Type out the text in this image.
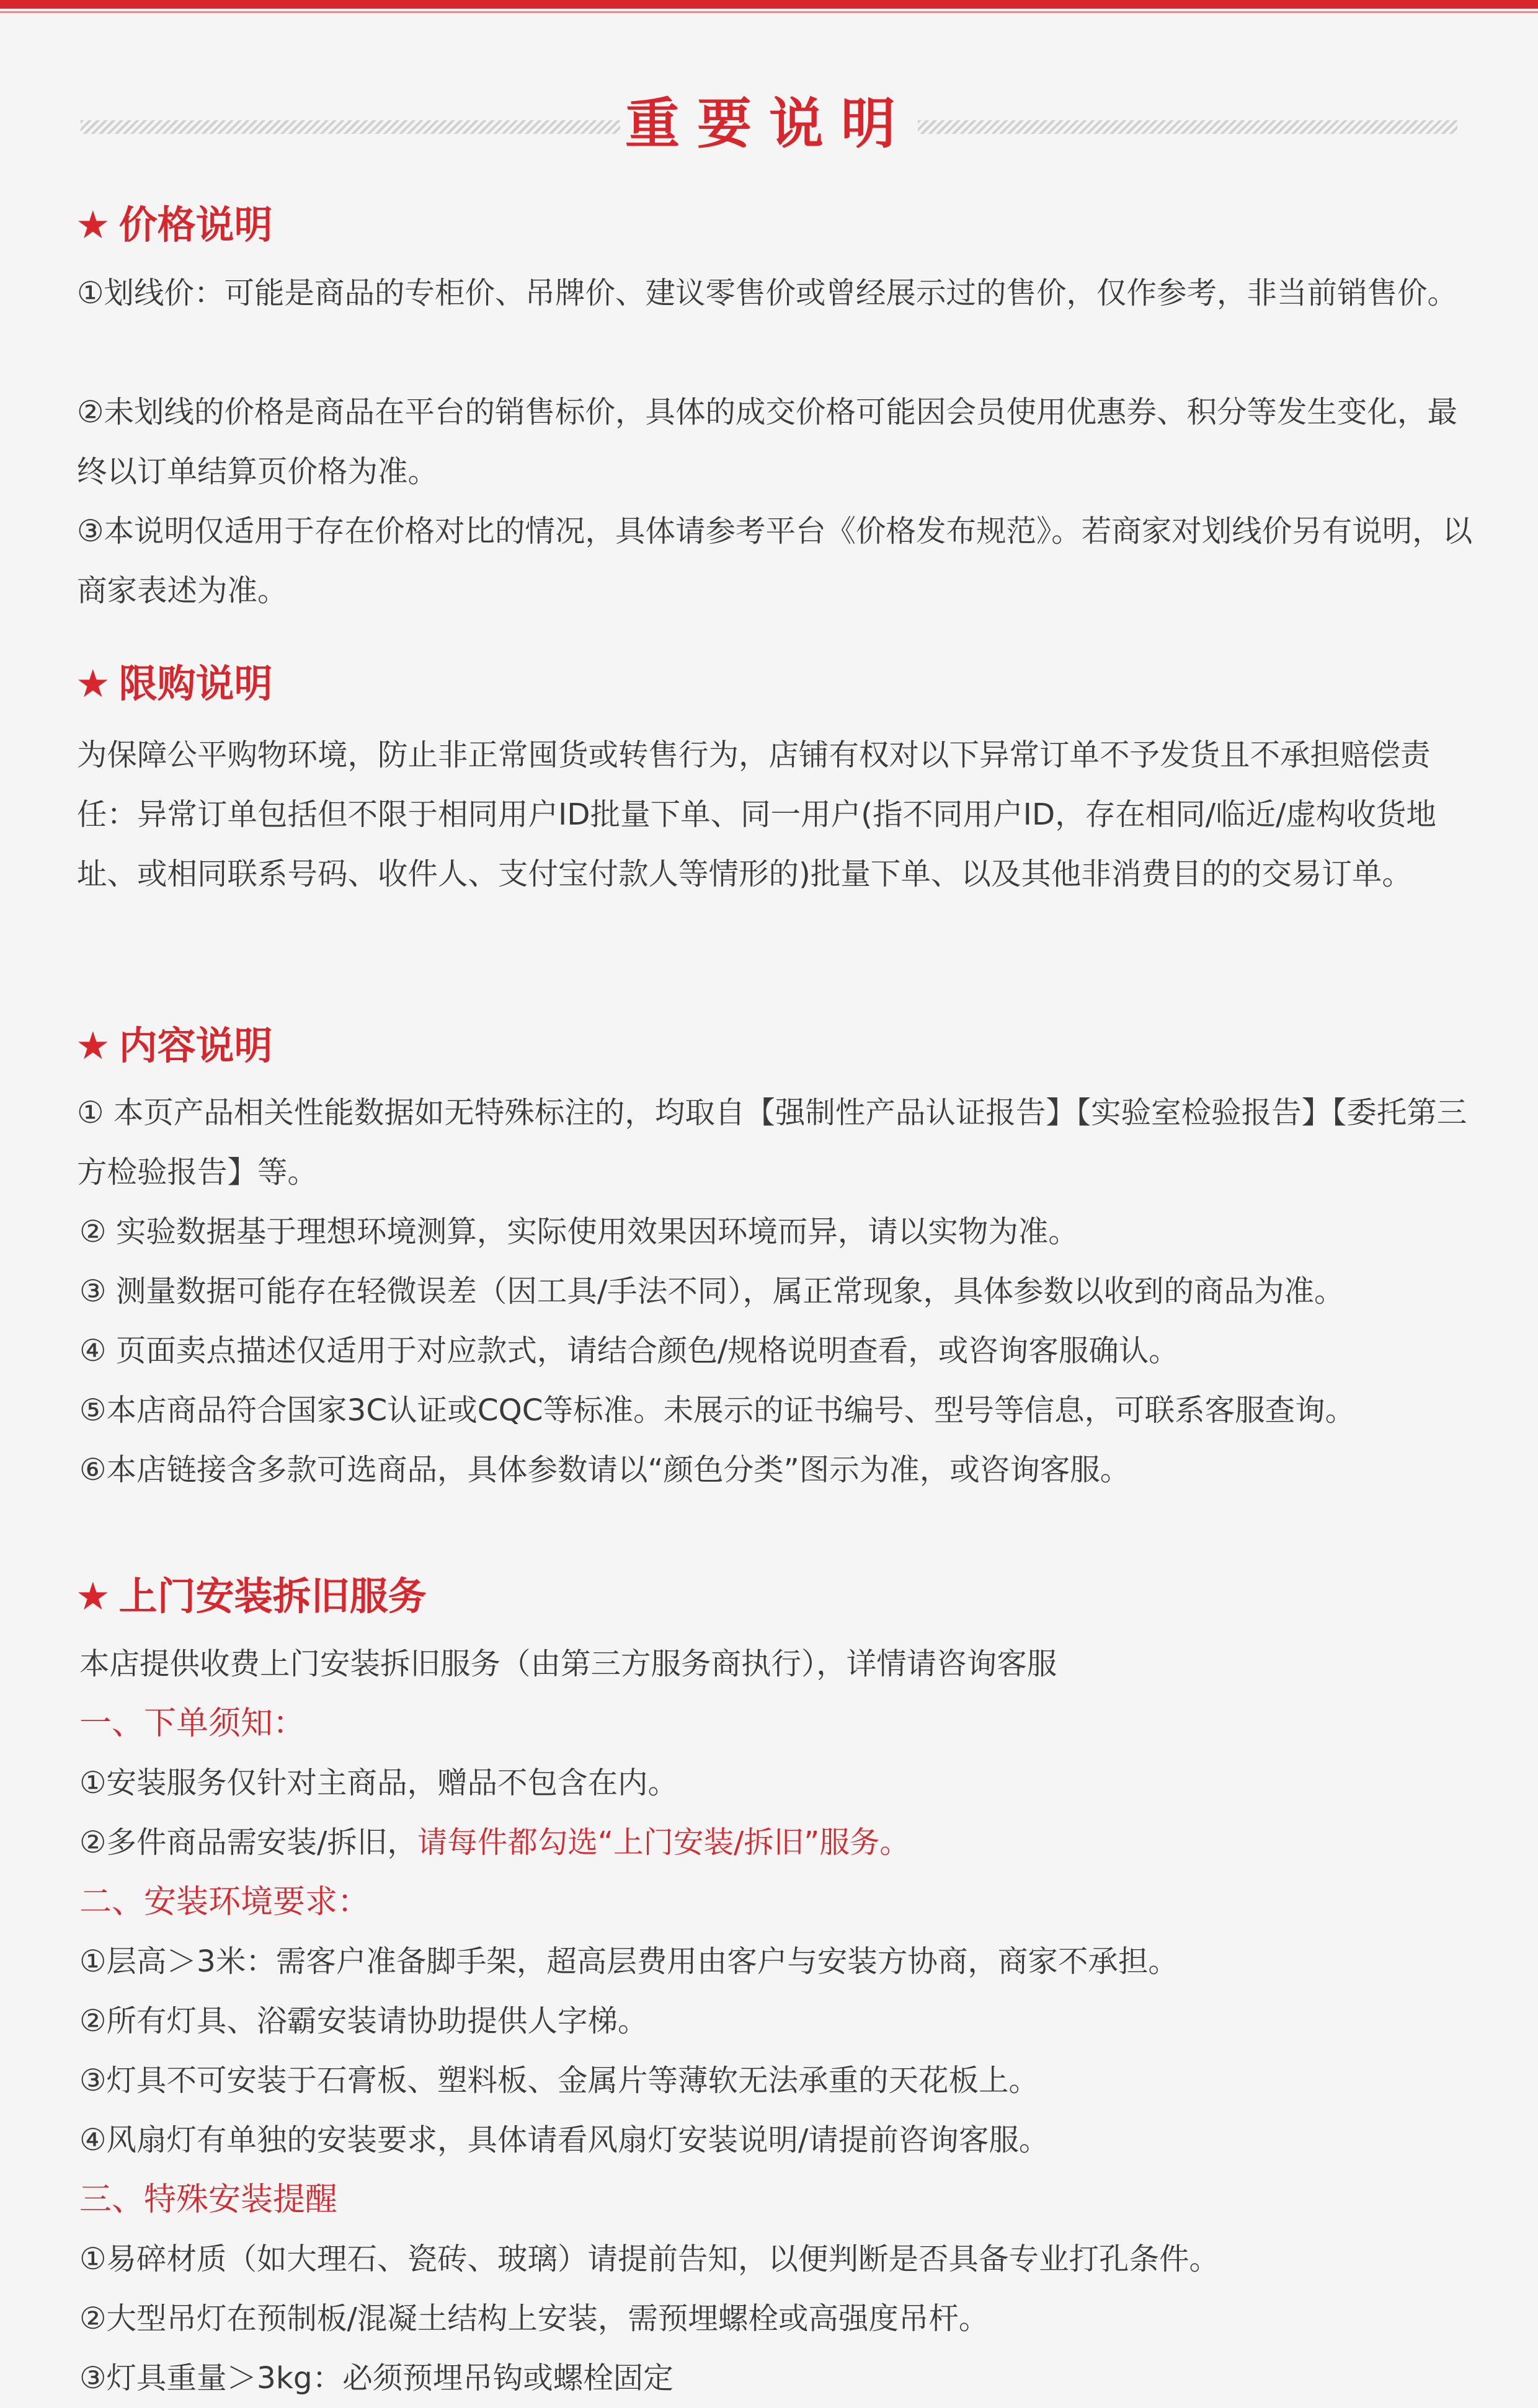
重要说明
★ 价格说明
①划线价：可能是商品的专柜价、吊牌价、建议零售价或曾经展示过的售价，仅作参考，非当前销售价。
②未划线的价格是商品在平台的销售标价，具体的成交价格可能因会员使用优惠券、积分等发生变化，最终以订单结算页价格为准。
③本说明仅适用于存在价格对比的情况，具体请参考平台《价格发布规范》。若商家对划线价另有说明，以商家表述为准。
★ 限购说明
为保障公平购物环境，防止非正常囤货或转售行为，店铺有权对以下异常订单不予发货且不承担赔偿责任：异常订单包括但不限于相同用户ID批量下单、同一用户(指不同用户ID，存在相同/临近/虚构收货地址、或相同联系号码、收件人、支付宝付款人等情形的)批量下单、以及其他非消费目的的交易订单。
★ 内容说明
① 本页产品相关性能数据如无特殊标注的，均取自【强制性产品认证报告】【实验室检验报告】【委托第三方检验报告】等。
② 实验数据基于理想环境测算，实际使用效果因环境而异，请以实物为准。
③ 测量数据可能存在轻微误差（因工具/手法不同），属正常现象，具体参数以收到的商品为准。
④ 页面卖点描述仅适用于对应款式，请结合颜色/规格说明查看，或咨询客服确认。
⑤本店商品符合国家3C认证或CQC等标准。未展示的证书编号、型号等信息，可联系客服查询。
⑥本店链接含多款可选商品，具体参数请以“颜色分类”图示为准，或咨询客服。
★ 上门安装拆旧服务
本店提供收费上门安装拆旧服务（由第三方服务商执行），详情请咨询客服
一、下单须知：
①安装服务仅针对主商品，赠品不包含在内。
②多件商品需安装/拆旧，请每件都勾选“上门安装/拆旧”服务。
二、安装环境要求：
①层高＞3米：需客户准备脚手架，超高层费用由客户与安装方协商，商家不承担。
②所有灯具、浴霸安装请协助提供人字梯。
③灯具不可安装于石膏板、塑料板、金属片等薄软无法承重的天花板上。
④风扇灯有单独的安装要求，具体请看风扇灯安装说明/请提前咨询客服。
三、特殊安装提醒
①易碎材质（如大理石、瓷砖、玻璃）请提前告知，以便判断是否具备专业打孔条件。
②大型吊灯在预制板/混凝土结构上安装，需预埋螺栓或高强度吊杆。
③灯具重量＞3kg：必须预埋吊钩或螺栓固定
